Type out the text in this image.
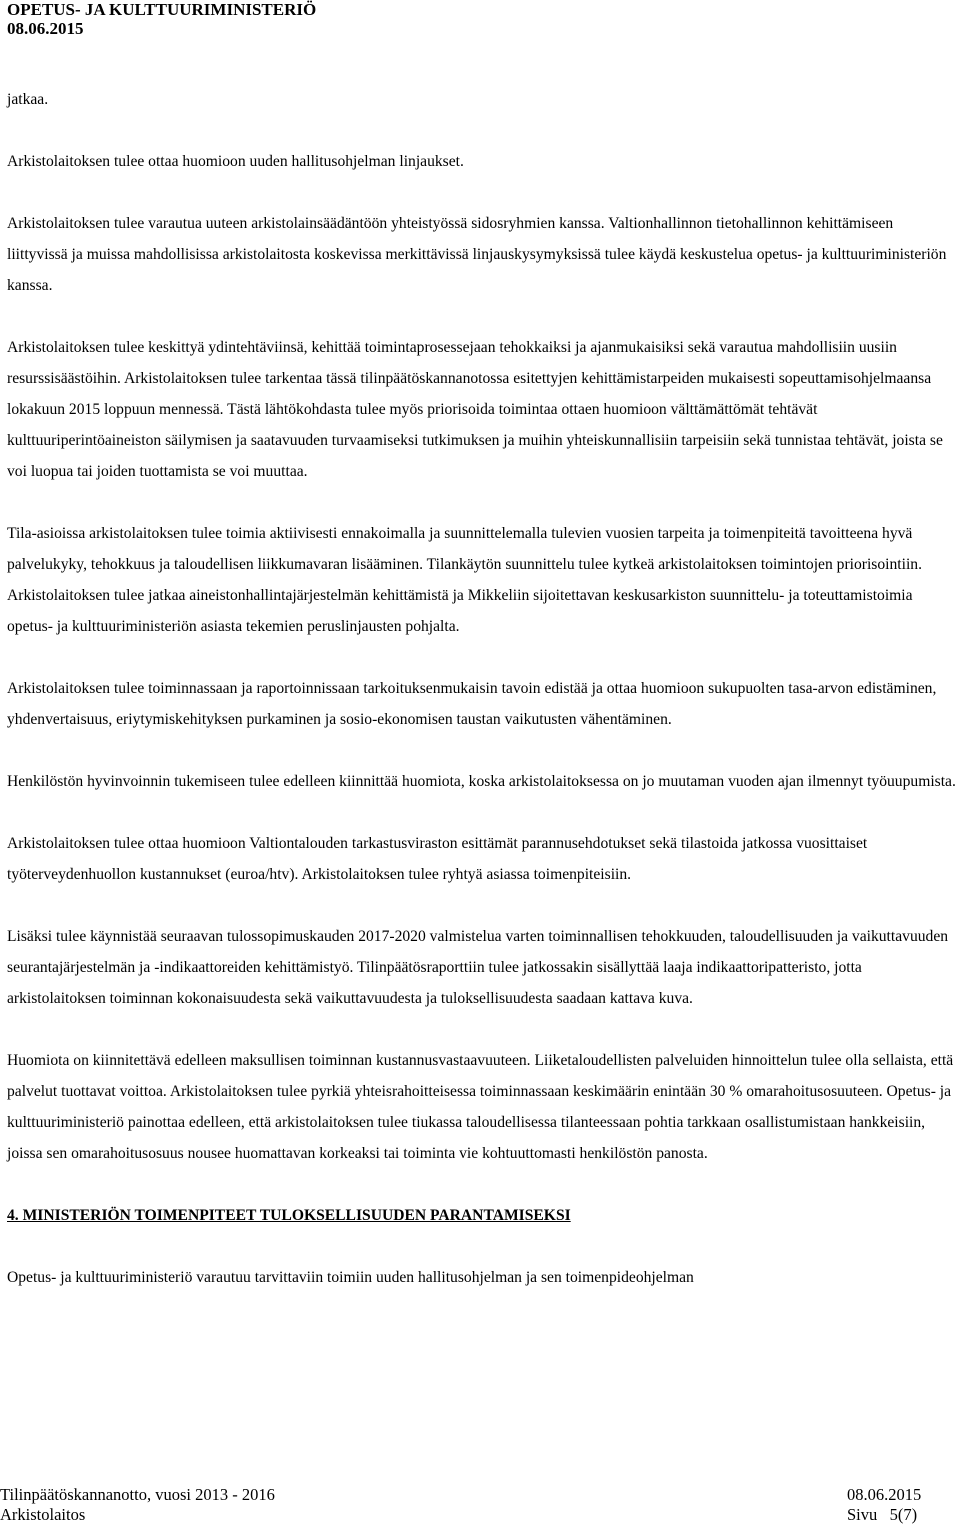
OPETUS- JA KULTTUURIMINISTERIÖ
08.06.2015

jatkaa.

Arkistolaitoksen tulee ottaa huomioon uuden hallitusohjelman linjaukset.

Arkistolaitoksen tulee varautua uuteen arkistolainsäädäntöön yhteistyössä sidosryhmien kanssa. Valtionhallinnon tietohallinnon kehittämiseen liittyvissä ja muissa mahdollisissa arkistolaitosta koskevissa merkittävissä linjauskysymyksissä tulee käydä keskustelua opetus- ja kulttuuriministeriön kanssa.

Arkistolaitoksen tulee keskittyä ydintehtäviinsä, kehittää toimintaprosessejaan tehokkaiksi ja ajanmukaisiksi sekä varautua mahdollisiin uusiin resurssisäästöihin. Arkistolaitoksen tulee tarkentaa tässä tilinpäätöskannanotossa esitettyjen kehittämistarpeiden mukaisesti sopeuttamisohjelmaansa lokakuun 2015 loppuun mennessä. Tästä lähtökohdasta tulee myös priorisoida toimintaa ottaen huomioon välttämättömät tehtävät kulttuuriperintöaineiston säilymisen ja saatavuuden turvaamiseksi tutkimuksen ja muihin yhteiskunnallisiin tarpeisiin sekä tunnistaa tehtävät, joista se voi luopua tai joiden tuottamista se voi muuttaa.

Tila-asioissa arkistolaitoksen tulee toimia aktiivisesti ennakoimalla ja suunnittelemalla tulevien vuosien tarpeita ja toimenpiteitä tavoitteena hyvä palvelukyky, tehokkuus ja taloudellisen liikkumavaran lisääminen. Tilankäytön suunnittelu tulee kytkeä arkistolaitoksen toimintojen priorisointiin. Arkistolaitoksen tulee jatkaa aineistonhallintajärjestelmän kehittämistä ja Mikkeliin sijoitettavan keskusarkiston suunnittelu- ja toteuttamistoimia opetus- ja kulttuuriministeriön asiasta tekemien peruslinjausten pohjalta.

Arkistolaitoksen tulee toiminnassaan ja raportoinnissaan tarkoituksenmukaisin tavoin edistää ja ottaa huomioon sukupuolten tasa-arvon edistäminen, yhdenvertaisuus, eriytymiskehityksen purkaminen ja sosio-ekonomisen taustan vaikutusten vähentäminen.

Henkilöstön hyvinvoinnin tukemiseen tulee edelleen kiinnittää huomiota, koska arkistolaitoksessa on jo muutaman vuoden ajan ilmennyt työuupumista.

Arkistolaitoksen tulee ottaa huomioon Valtiontalouden tarkastusviraston esittämät parannusehdotukset sekä tilastoida jatkossa vuosittaiset työterveydenhuollon kustannukset (euroa/htv). Arkistolaitoksen tulee ryhtyä asiassa toimenpiteisiin.

Lisäksi tulee käynnistää seuraavan tulossopimuskauden 2017-2020 valmistelua varten toiminnallisen tehokkuuden, taloudellisuuden ja vaikuttavuuden seurantajärjestelmän ja -indikaattoreiden kehittämistyö. Tilinpäätösraporttiin tulee jatkossakin sisällyttää laaja indikaattoripatteristo, jotta arkistolaitoksen toiminnan kokonaisuudesta sekä vaikuttavuudesta ja tuloksellisuudesta saadaan kattava kuva.

Huomiota on kiinnitettävä edelleen maksullisen toiminnan kustannusvastaavuuteen. Liiketaloudellisten palveluiden hinnoittelun tulee olla sellaista, että palvelut tuottavat voittoa. Arkistolaitoksen tulee pyrkiä yhteisrahoitteisessa toiminnassaan keskimäärin enintään 30 % omarahoitusosuuteen. Opetus- ja kulttuuriministeriö painottaa edelleen, että arkistolaitoksen tulee tiukassa taloudellisessa tilanteessaan pohtia tarkkaan osallistumistaan hankkeisiin, joissa sen omarahoitusosuus nousee huomattavan korkeaksi tai toiminta vie kohtuuttomasti henkilöstön panosta.

4. MINISTERIÖN TOIMENPITEET TULOKSELLISUUDEN PARANTAMISEKSI

Opetus- ja kulttuuriministeriö varautuu tarvittaviin toimiin uuden hallitusohjelman ja sen toimenpideohjelman

Tilinpäätöskannanotto, vuosi 2013 - 2016	08.06.2015
Arkistolaitos	Sivu   5(7)
